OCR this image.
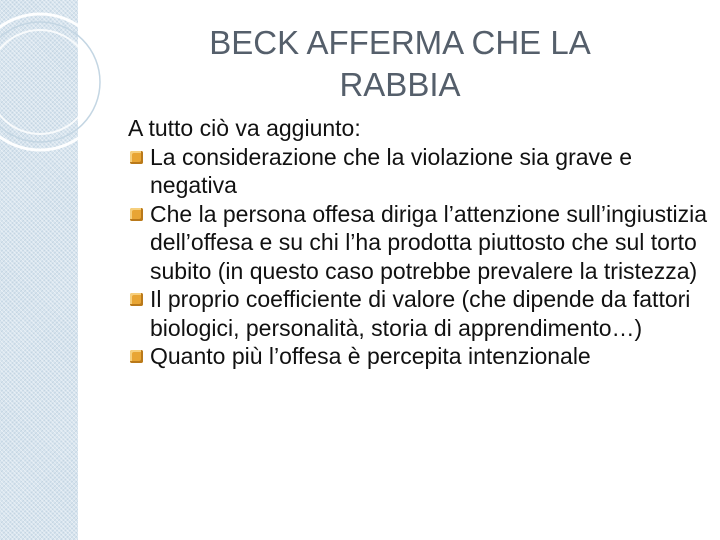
BECK AFFERMA CHE LA RABBIA

A tutto ciò va aggiunto:

La considerazione che la violazione sia grave e negativa
Che la persona offesa diriga l’attenzione sull’ingiustizia dell’offesa e su chi l’ha prodotta piuttosto che sul torto subito (in questo caso potrebbe prevalere la tristezza)
Il proprio coefficiente di valore (che dipende da fattori biologici, personalità, storia di apprendimento…)
Quanto più l’offesa è percepita intenzionale
